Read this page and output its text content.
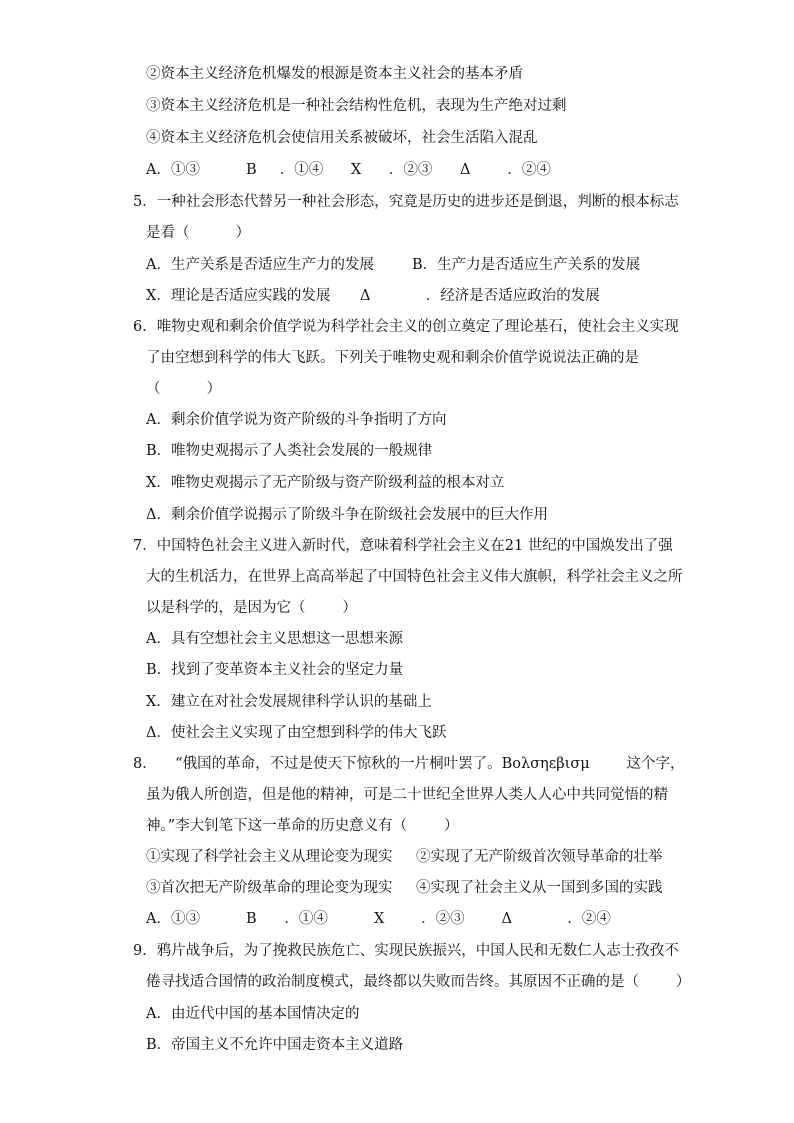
②资本主义经济危机爆发的根源是资本主义社会的基本矛盾
③资本主义经济危机是一种社会结构性危机，表现为生产绝对过剩
④资本主义经济危机会使信用关系被破坏，社会生活陷入混乱
A．①③          B     ．①④      X      ．②③      Δ        ．②④
5．一种社会形态代替另一种社会形态，究竟是历史的进步还是倒退，判断的根本标志
是看（          ）
A．生产关系是否适应生产力的发展	B．生产力是否适应生产关系的发展
X．理论是否适应实践的发展 Δ            ．经济是否适应政治的发展
6．唯物史观和剩余价值学说为科学社会主义的创立奠定了理论基石，使社会主义实现
了由空想到科学的伟大飞跃。下列关于唯物史观和剩余价值学说说法正确的是
（          ）
A．剩余价值学说为资产阶级的斗争指明了方向
B．唯物史观揭示了人类社会发展的一般规律
X．唯物史观揭示了无产阶级与资产阶级利益的根本对立
Δ．剩余价值学说揭示了阶级斗争在阶级社会发展中的巨大作用
7．中国特色社会主义进入新时代，意味着科学社会主义在21 世纪的中国焕发出了强
大的生机活力，在世界上高高举起了中国特色社会主义伟大旗帜，科学社会主义之所
以是科学的，是因为它（        ）
A．具有空想社会主义思想这一思想来源
B．找到了变革资本主义社会的坚定力量
X．建立在对社会发展规律科学认识的基础上
Δ．使社会主义实现了由空想到科学的伟大飞跃
8．    “俄国的革命，不过是使天下惊秋的一片桐叶罢了。Bολσηεβισμ        这个字，
虽为俄人所创造，但是他的精神，可是二十世纪全世界人类人人心中共同觉悟的精
神。”李大钊笔下这一革命的历史意义有（        ）
①实现了科学社会主义从理论变为现实 ②实现了无产阶级首次领导革命的壮举
③首次把无产阶级革命的理论变为现实 ④实现了社会主义从一国到多国的实践
A．①③          B      ．①④          X        ．②③        Δ            ．②④
9．鸦片战争后，为了挽救民族危亡、实现民族振兴，中国人民和无数仁人志士孜孜不
倦寻找适合国情的政治制度模式，最终都以失败而告终。其原因不正确的是（        ）
A．由近代中国的基本国情决定的
B．帝国主义不允许中国走资本主义道路
